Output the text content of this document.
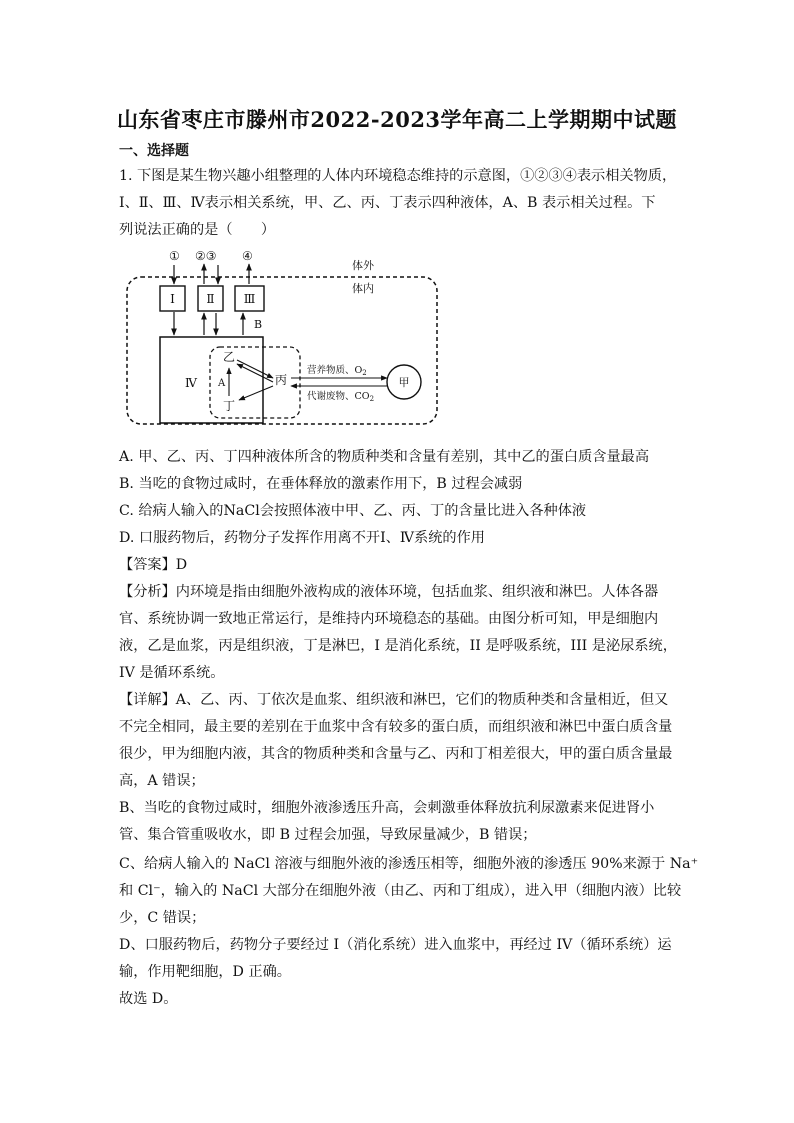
山东省枣庄市滕州市2022-2023学年高二上学期期中试题
一、选择题
1. 下图是某生物兴趣小组整理的人体内环境稳态维持的示意图，①②③④表示相关物质，
Ⅰ、Ⅱ、Ⅲ、Ⅳ表示相关系统，甲、乙、丙、丁表示四种液体，A、B 表示相关过程。下
列说法正确的是（　　）
体外
体内
① ②③ ④
Ⅰ	Ⅱ Ⅲ
Ⅳ
B
乙
丙
丁
A
营养物质、$O_2$
代谢废物、$CO_2$
甲
A. 甲、乙、丙、丁四种液体所含的物质种类和含量有差别，其中乙的蛋白质含量最高
B. 当吃的食物过咸时，在垂体释放的激素作用下，B 过程会减弱
C. 给病人输入的NaCl会按照体液中甲、乙、丙、丁的含量比进入各种体液
D. 口服药物后，药物分子发挥作用离不开Ⅰ、Ⅳ系统的作用
【答案】D
【分析】内环境是指由细胞外液构成的液体环境，包括血浆、组织液和淋巴。人体各器
官、系统协调一致地正常运行，是维持内环境稳态的基础。由图分析可知，甲是细胞内
液，乙是血浆，丙是组织液，丁是淋巴，I 是消化系统，II 是呼吸系统，III 是泌尿系统，
IV 是循环系统。
【详解】A、乙、丙、丁依次是血浆、组织液和淋巴，它们的物质种类和含量相近，但又
不完全相同，最主要的差别在于血浆中含有较多的蛋白质，而组织液和淋巴中蛋白质含量
很少，甲为细胞内液，其含的物质种类和含量与乙、丙和丁相差很大，甲的蛋白质含量最
高，A 错误；
B、当吃的食物过咸时，细胞外液渗透压升高，会刺激垂体释放抗利尿激素来促进肾小
管、集合管重吸收水，即 B 过程会加强，导致尿量减少，B 错误；
C、给病人输入的 NaCl 溶液与细胞外液的渗透压相等，细胞外液的渗透压 90%来源于 Na⁺
和 Cl⁻，输入的 NaCl 大部分在细胞外液（由乙、丙和丁组成），进入甲（细胞内液）比较
少，C 错误；
D、口服药物后，药物分子要经过 I（消化系统）进入血浆中，再经过 IV（循环系统）运
输，作用靶细胞，D 正确。
故选 D。
